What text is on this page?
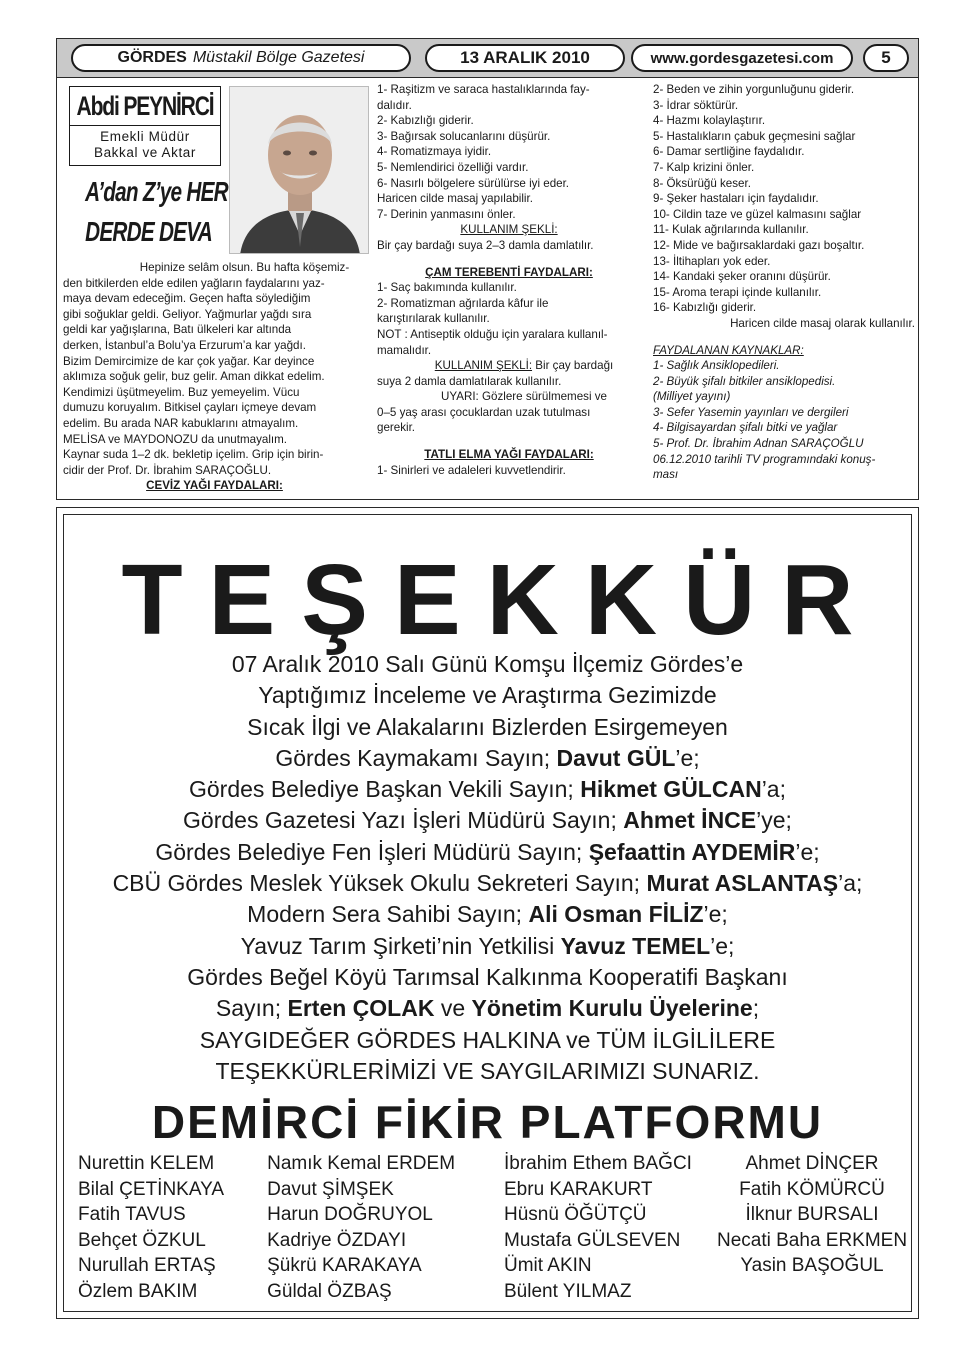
GÖRDES Müstakil Bölge Gazetesi	13 ARALIK 2010	www.gordesgazetesi.com	5
Abdi PEYNİRCİ
Emekli Müdür
Bakkal ve Aktar
A’dan Z’ye HER
DERDE DEVA

Hepinize selâm olsun. Bu hafta köşemiz-

den bitkilerden elde edilen yağların faydalarını yaz-

maya devam edeceğim. Geçen hafta söylediğim

gibi soğuklar geldi. Geliyor. Yağmurlar yağdı sıra

geldi kar yağışlarına, Batı ülkeleri kar altında

derken, İstanbul’a Bolu’ya Erzurum’a kar yağdı.

Bizim Demircimize de kar çok yağar. Kar deyince

aklımıza soğuk gelir, buz gelir. Aman dikkat edelim.

Kendimizi üşütmeyelim. Buz yemeyelim. Vücu

dumuzu koruyalım. Bitkisel çayları içmeye devam

edelim. Bu arada NAR kabuklarını atmayalım.

MELİSA ve MAYDONOZU da unutmayalım.

Kaynar suda 1–2 dk. bekletip içelim. Grip için birin-

cidir der Prof. Dr. İbrahim SARAÇOĞLU.

CEVİZ YAĞI FAYDALARI:

1- Raşitizm ve saraca hastalıklarında fay-

dalıdır.

2- Kabızlığı giderir.

3- Bağırsak solucanlarını düşürür.

4- Romatizmaya iyidir.

5- Nemlendirici özelliği vardır.

6- Nasırlı bölgelere sürülürse iyi eder.

Haricen cilde masaj yapılabilir.

7- Derinin yanmasını önler.

KULLANIM ŞEKLİ:

Bir çay bardağı suya 2–3 damla damlatılır.

ÇAM TEREBENTİ FAYDALARI:

1- Saç bakımında kullanılır.

2- Romatizman ağrılarda kâfur ile

karıştırılarak kullanılır.

NOT : Antiseptik olduğu için yaralara kullanıl-

mamalıdır.

KULLANIM ŞEKLİ: Bir çay bardağı

suya 2 damla damlatılarak kullanılır.

UYARI: Gözlere sürülmemesi ve

0–5 yaş arası çocuklardan uzak tutulması

gerekir.

TATLI ELMA YAĞI FAYDALARI:

1- Sinirleri ve adaleleri kuvvetlendirir.

2- Beden ve zihin yorgunluğunu giderir.

3- İdrar söktürür.

4- Hazmı kolaylaştırır.

5- Hastalıkların çabuk geçmesini sağlar

6- Damar sertliğine faydalıdır.

7- Kalp krizini önler.

8- Öksürüğü keser.

9- Şeker hastaları için faydalıdır.

10- Cildin taze ve güzel kalmasını sağlar

11- Kulak ağrılarında kullanılır.

12- Mide ve bağırsaklardaki gazı boşaltır.

13- İltihapları yok eder.

14- Kandaki şeker oranını düşürür.

15- Aroma terapi içinde kullanılır.

16- Kabızlığı giderir.

Haricen cilde masaj olarak kullanılır.

FAYDALANAN KAYNAKLAR:

1- Sağlık Ansiklopedileri.

2- Büyük şifalı bitkiler ansiklopedisi.

(Milliyet yayını)

3- Sefer Yasemin yayınları ve dergileri

4- Bilgisayardan şifalı bitki ve yağlar

5- Prof. Dr. İbrahim Adnan SARAÇOĞLU

06.12.2010 tarihli TV programındaki konuş-

ması

TEŞEKKÜR
07 Aralık 2010 Salı Günü Komşu İlçemiz Gördes’e
Yaptığımız İnceleme ve Araştırma Gezimizde
Sıcak İlgi ve Alakalarını Bizlerden Esirgemeyen
Gördes Kaymakamı Sayın; Davut GÜL’e;
Gördes Belediye Başkan Vekili Sayın; Hikmet GÜLCAN’a;
Gördes Gazetesi Yazı İşleri Müdürü Sayın; Ahmet İNCE’ye;
Gördes Belediye Fen İşleri Müdürü Sayın; Şefaattin AYDEMİR’e;
CBÜ Gördes Meslek Yüksek Okulu Sekreteri Sayın; Murat ASLANTAŞ’a;
Modern Sera Sahibi Sayın; Ali Osman FİLİZ’e;
Yavuz Tarım Şirketi’nin Yetkilisi Yavuz TEMEL’e;
Gördes Beğel Köyü Tarımsal Kalkınma Kooperatifi Başkanı
Sayın; Erten ÇOLAK ve Yönetim Kurulu Üyelerine;
SAYGIDEĞER GÖRDES HALKINA ve TÜM İLGİLİLERE
TEŞEKKÜRLERİMİZİ VE SAYGILARIMIZI SUNARIZ.
DEMİRCİ FİKİR PLATFORMU
Nurettin KELEM
Bilal ÇETİNKAYA
Fatih TAVUS
Behçet ÖZKUL
Nurullah ERTAŞ
Özlem BAKIM
Namık Kemal ERDEM
Davut ŞİMŞEK
Harun DOĞRUYOL
Kadriye ÖZDAYI
Şükrü KARAKAYA
Güldal ÖZBAŞ
İbrahim Ethem BAĞCI
Ebru KARAKURT
Hüsnü ÖĞÜTÇÜ
Mustafa GÜLSEVEN
Ümit AKIN
Bülent YILMAZ
Ahmet DİNÇER
Fatih KÖMÜRCÜ
İlknur BURSALI
Necati Baha ERKMEN
Yasin BAŞOĞUL
